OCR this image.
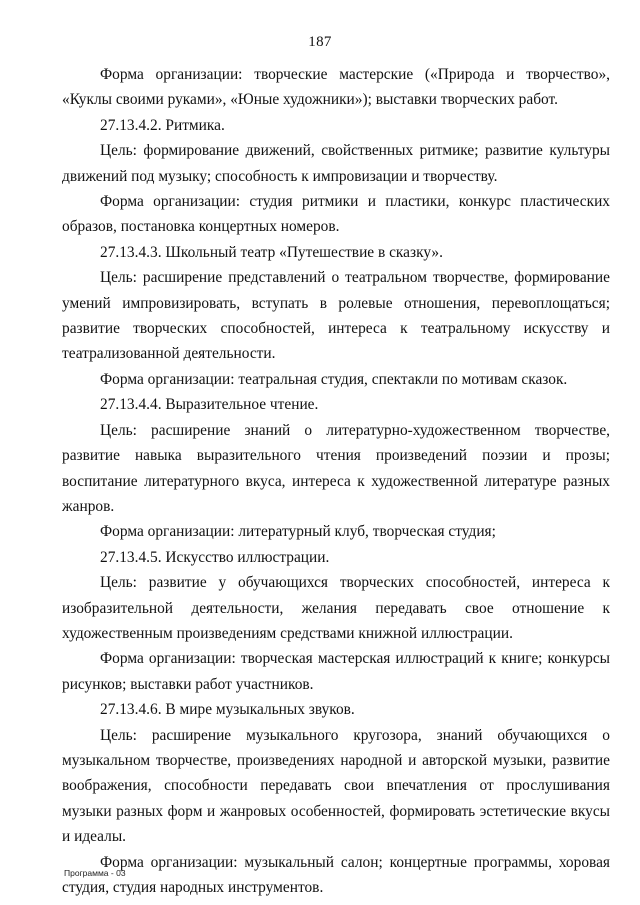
187

Форма организации: творческие мастерские («Природа и творчество», «Куклы своими руками», «Юные художники»); выставки творческих работ.

27.13.4.2. Ритмика.

Цель: формирование движений, свойственных ритмике; развитие культуры движений под музыку; способность к импровизации и творчеству.

Форма организации: студия ритмики и пластики, конкурс пластических образов, постановка концертных номеров.

27.13.4.3. Школьный театр «Путешествие в сказку».

Цель: расширение представлений о театральном творчестве, формирование умений импровизировать, вступать в ролевые отношения, перевоплощаться; развитие творческих способностей, интереса к театральному искусству и театрализованной деятельности.

Форма организации: театральная студия, спектакли по мотивам сказок.

27.13.4.4. Выразительное чтение.

Цель: расширение знаний о литературно-художественном творчестве, развитие навыка выразительного чтения произведений поэзии и прозы; воспитание литературного вкуса, интереса к художественной литературе разных жанров.

Форма организации: литературный клуб, творческая студия;

27.13.4.5. Искусство иллюстрации.

Цель: развитие у обучающихся творческих способностей, интереса к изобразительной деятельности, желания передавать свое отношение к художественным произведениям средствами книжной иллюстрации.

Форма организации: творческая мастерская иллюстраций к книге; конкурсы рисунков; выставки работ участников.

27.13.4.6. В мире музыкальных звуков.

Цель: расширение музыкального кругозора, знаний обучающихся о музыкальном творчестве, произведениях народной и авторской музыки, развитие воображения, способности передавать свои впечатления от прослушивания музыки разных форм и жанровых особенностей, формировать эстетические вкусы и идеалы.

Форма организации: музыкальный салон; концертные программы, хоровая студия, студия народных инструментов.

Программа - 03
